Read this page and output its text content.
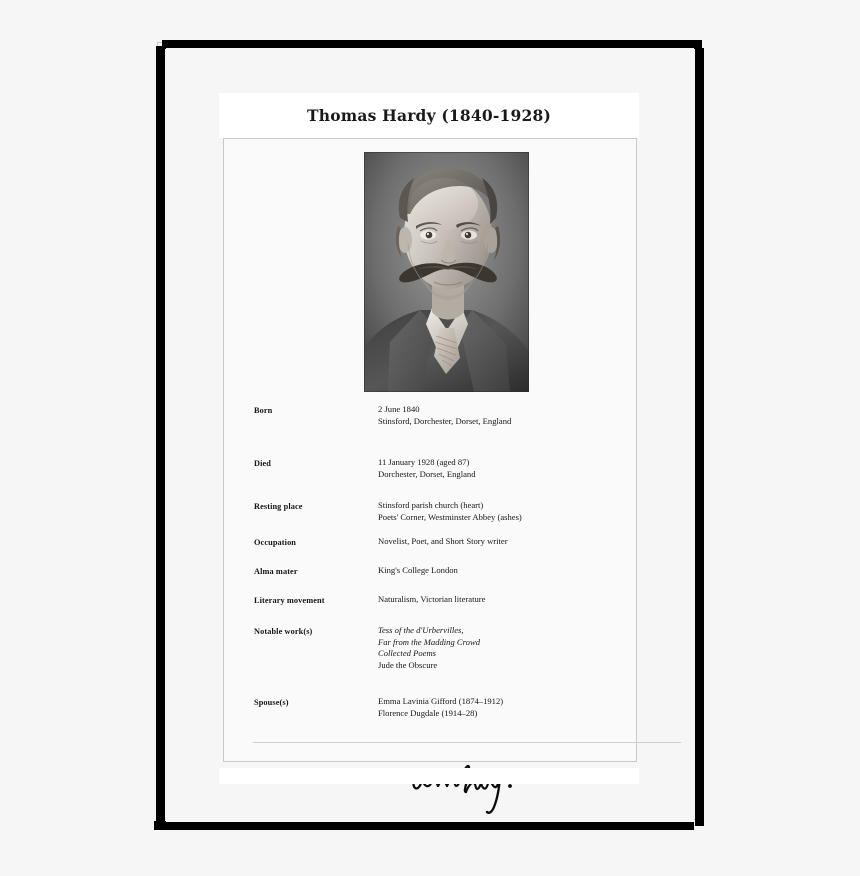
Thomas Hardy (1840-1928)
Born	2 June 1840
Stinsford, Dorchester, Dorset, England
Died	11 January 1928 (aged 87)
Dorchester, Dorset, England
Resting place	Stinsford parish church (heart)
Poets' Corner, Westminster Abbey (ashes)
Occupation	Novelist, Poet, and Short Story writer
Alma mater	King's College London
Literary movement	Naturalism, Victorian literature
Notable work(s)	Tess of the d'Urbervilles,
Far from the Madding Crowd
Collected Poems
Jude the Obscure
Spouse(s)	Emma Lavinia Gifford (1874–1912)
Florence Dugdale (1914–28)
